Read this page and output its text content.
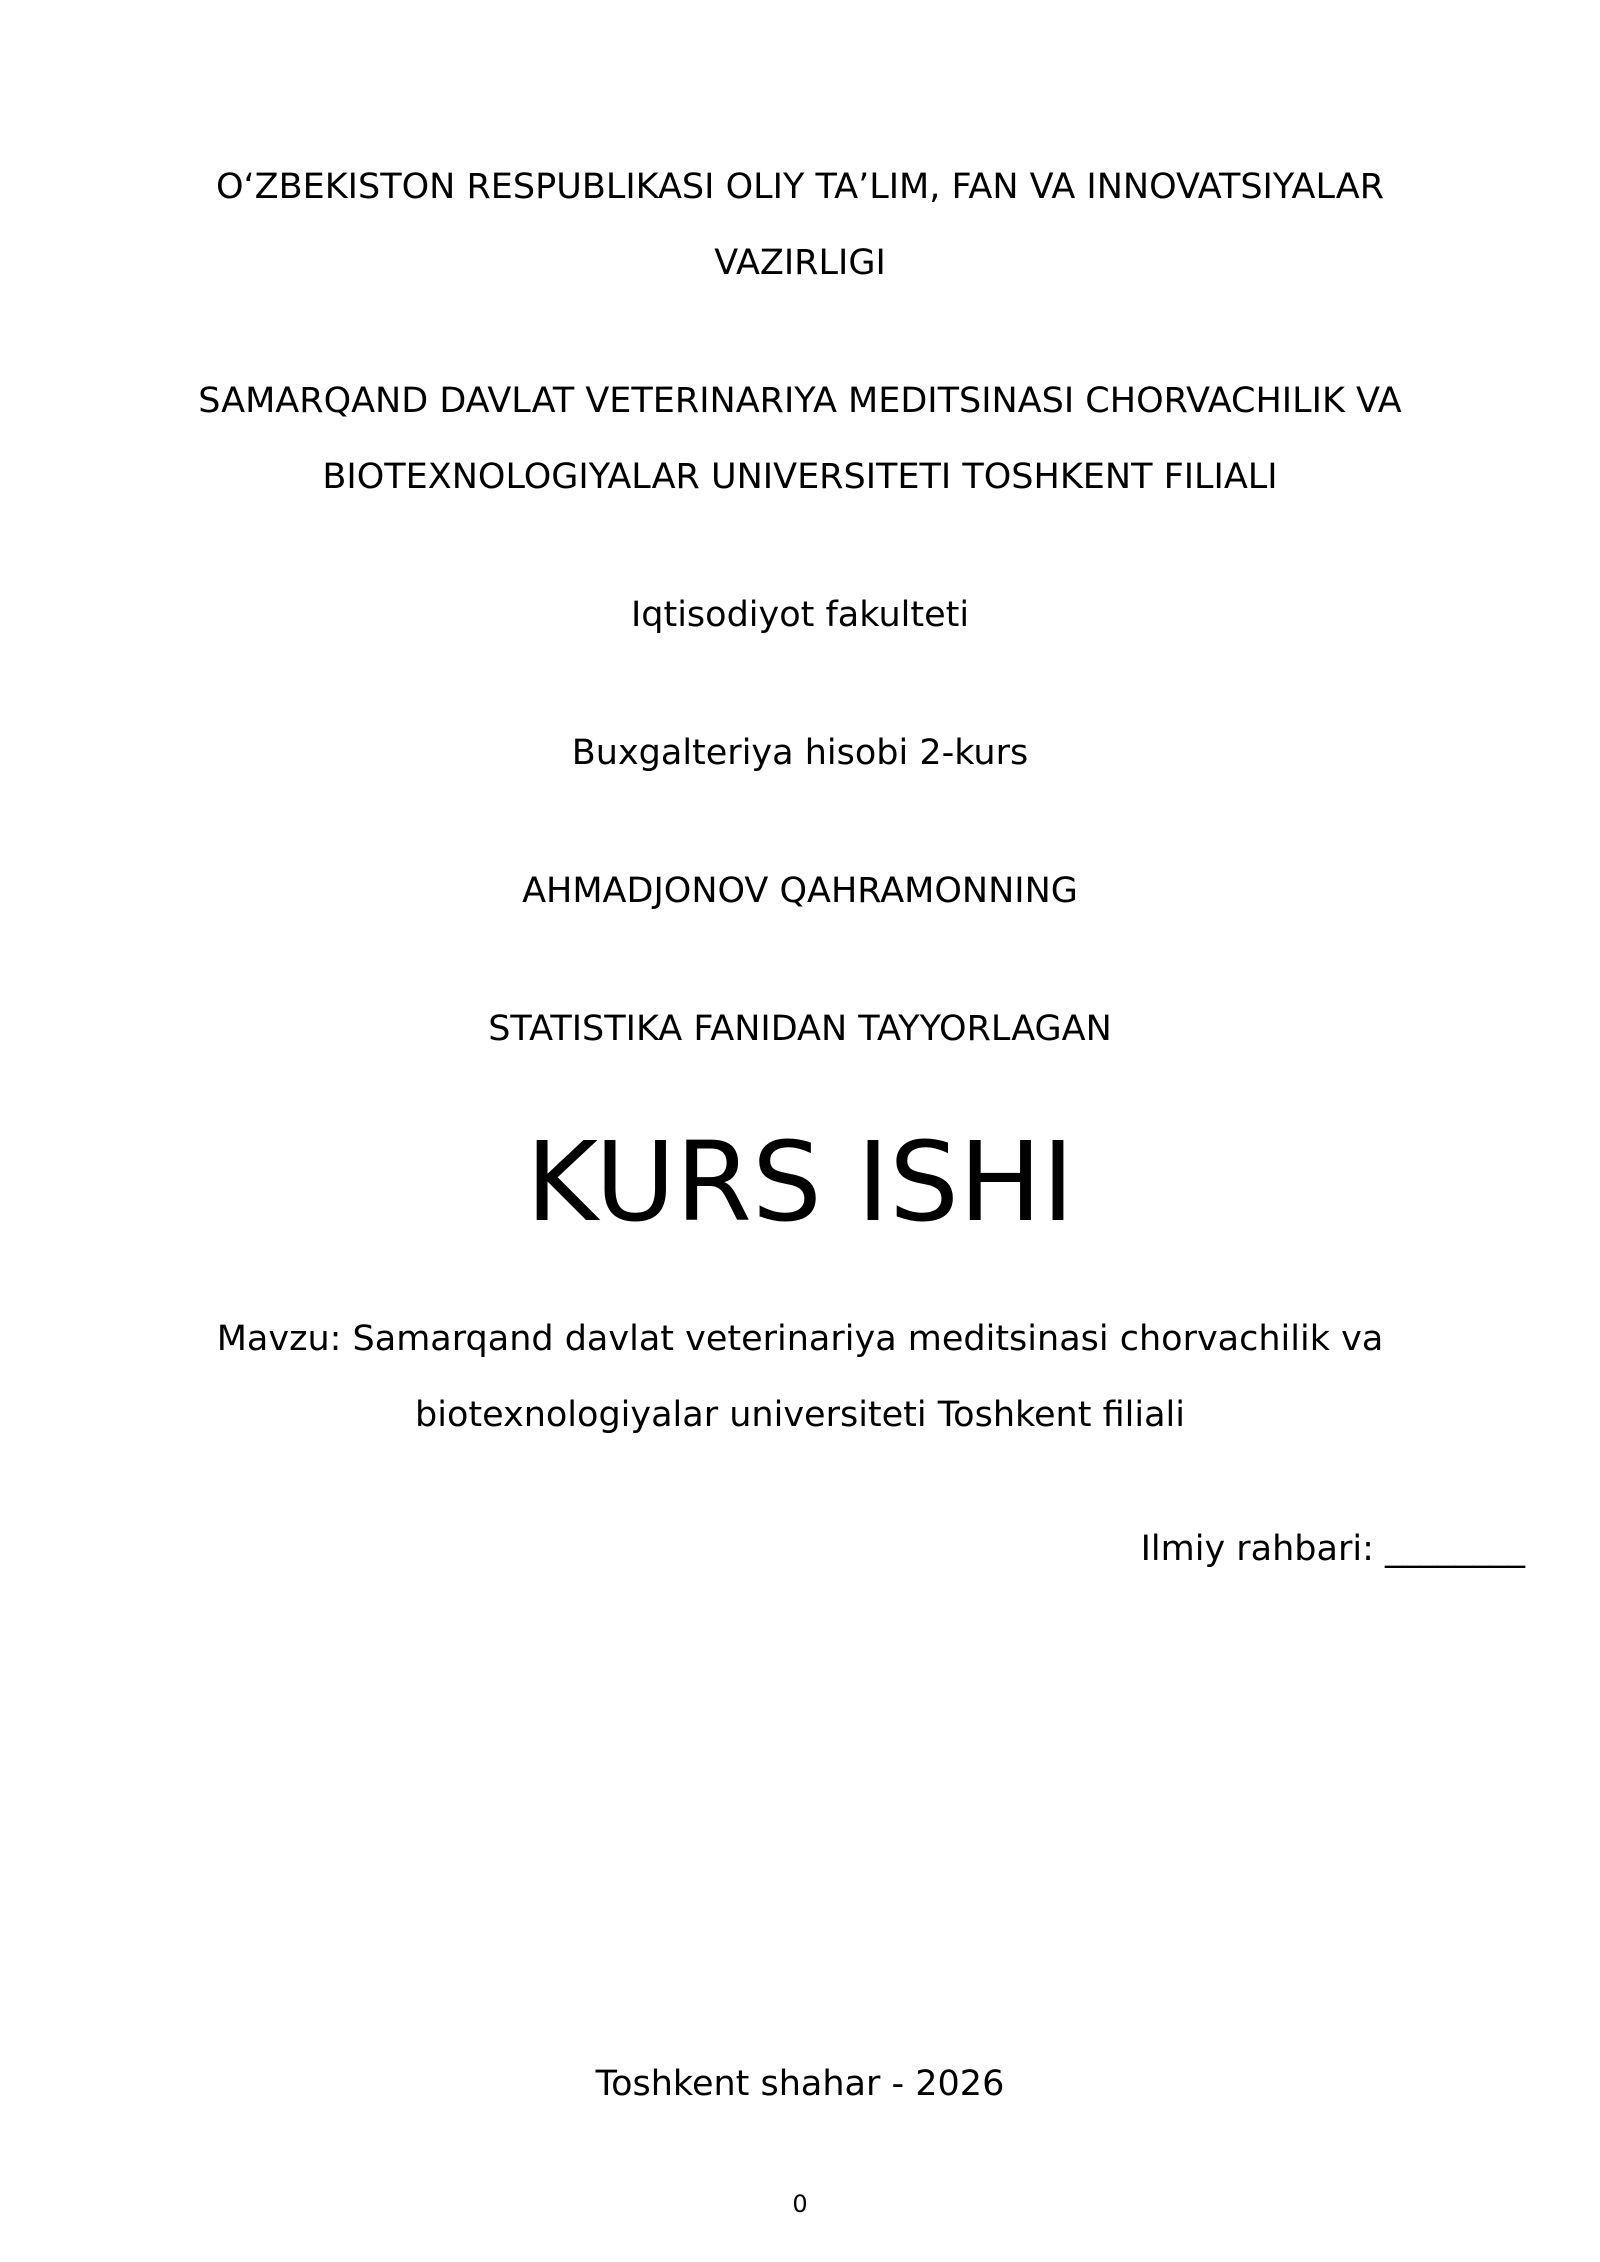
O‘ZBEKISTON RESPUBLIKASI OLIY TA’LIM, FAN VA INNOVATSIYALAR
VAZIRLIGI
SAMARQAND DAVLAT VETERINARIYA MEDITSINASI CHORVACHILIK VA
BIOTEXNOLOGIYALAR UNIVERSITETI TOSHKENT FILIALI
Iqtisodiyot fakulteti
Buxgalteriya hisobi 2-kurs
AHMADJONOV QAHRAMONNING
STATISTIKA FANIDAN TAYYORLAGAN
KURS ISHI
Mavzu: Samarqand davlat veterinariya meditsinasi chorvachilik va
biotexnologiyalar universiteti Toshkent filiali
Ilmiy rahbari: ________
Toshkent shahar - 2026
0
